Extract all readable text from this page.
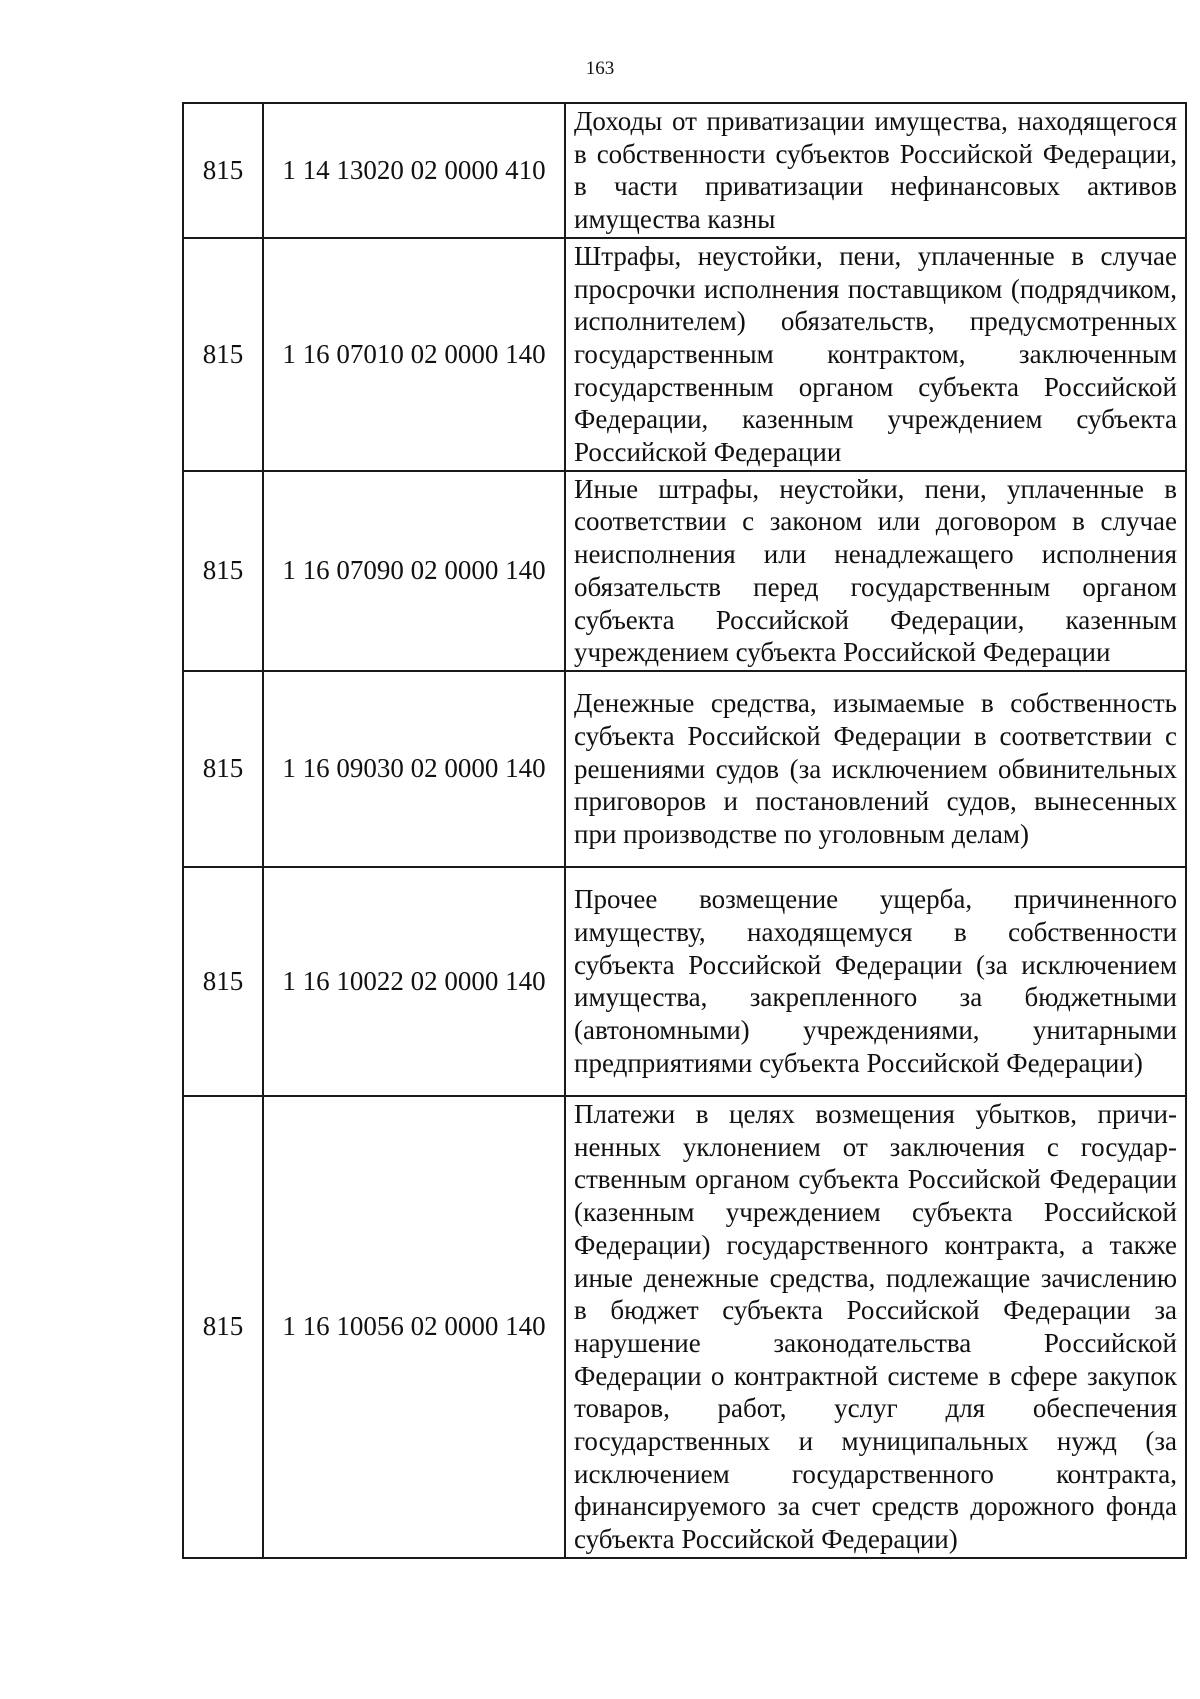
163
815	1 14 13020 02 0000 410	Доходы от приватизации имущества, находящегося в собственности субъектов Российской Федерации, в части приватизации нефинансовых активов имущества казны
815	1 16 07010 02 0000 140	Штрафы, неустойки, пени, уплаченные в случае просрочки исполнения поставщиком (подрядчиком, исполнителем) обязательств, предусмотренных государственным контрактом, заключенным государственным органом субъекта Российской Федерации, казенным учреждением субъекта Российской Федерации
815	1 16 07090 02 0000 140	Иные штрафы, неустойки, пени, уплаченные в соответствии с законом или договором в случае неисполнения или ненадлежащего исполнения обязательств перед государственным органом субъекта Российской Федерации, казенным учреждением субъекта Российской Федерации
815	1 16 09030 02 0000 140	Денежные средства, изымаемые в собственность субъекта Российской Федерации в соответствии с решениями судов (за исключением обвинительных приговоров и постановлений судов, вынесенных при производстве по уголовным делам)
815	1 16 10022 02 0000 140	Прочее возмещение ущерба, причиненного имуществу, находящемуся в собственности субъекта Российской Федерации (за исключением имущества, закрепленного за бюджетными (автономными) учреждениями, унитарными предприятиями субъекта Российской Федерации)
815	1 16 10056 02 0000 140	Платежи в целях возмещения убытков, причиненных уклонением от заключения с государственным органом субъекта Российской Федерации (казенным учреждением субъекта Российской Федерации) государственного контракта, а также иные денежные средства, подлежащие зачислению в бюджет субъекта Российской Федерации за нарушение законодательства Российской Федерации о контрактной системе в сфере закупок товаров, работ, услуг для обеспечения государственных и муниципальных нужд (за исключением государственного контракта, финансируемого за счет средств дорожного фонда субъекта Российской Федерации)
